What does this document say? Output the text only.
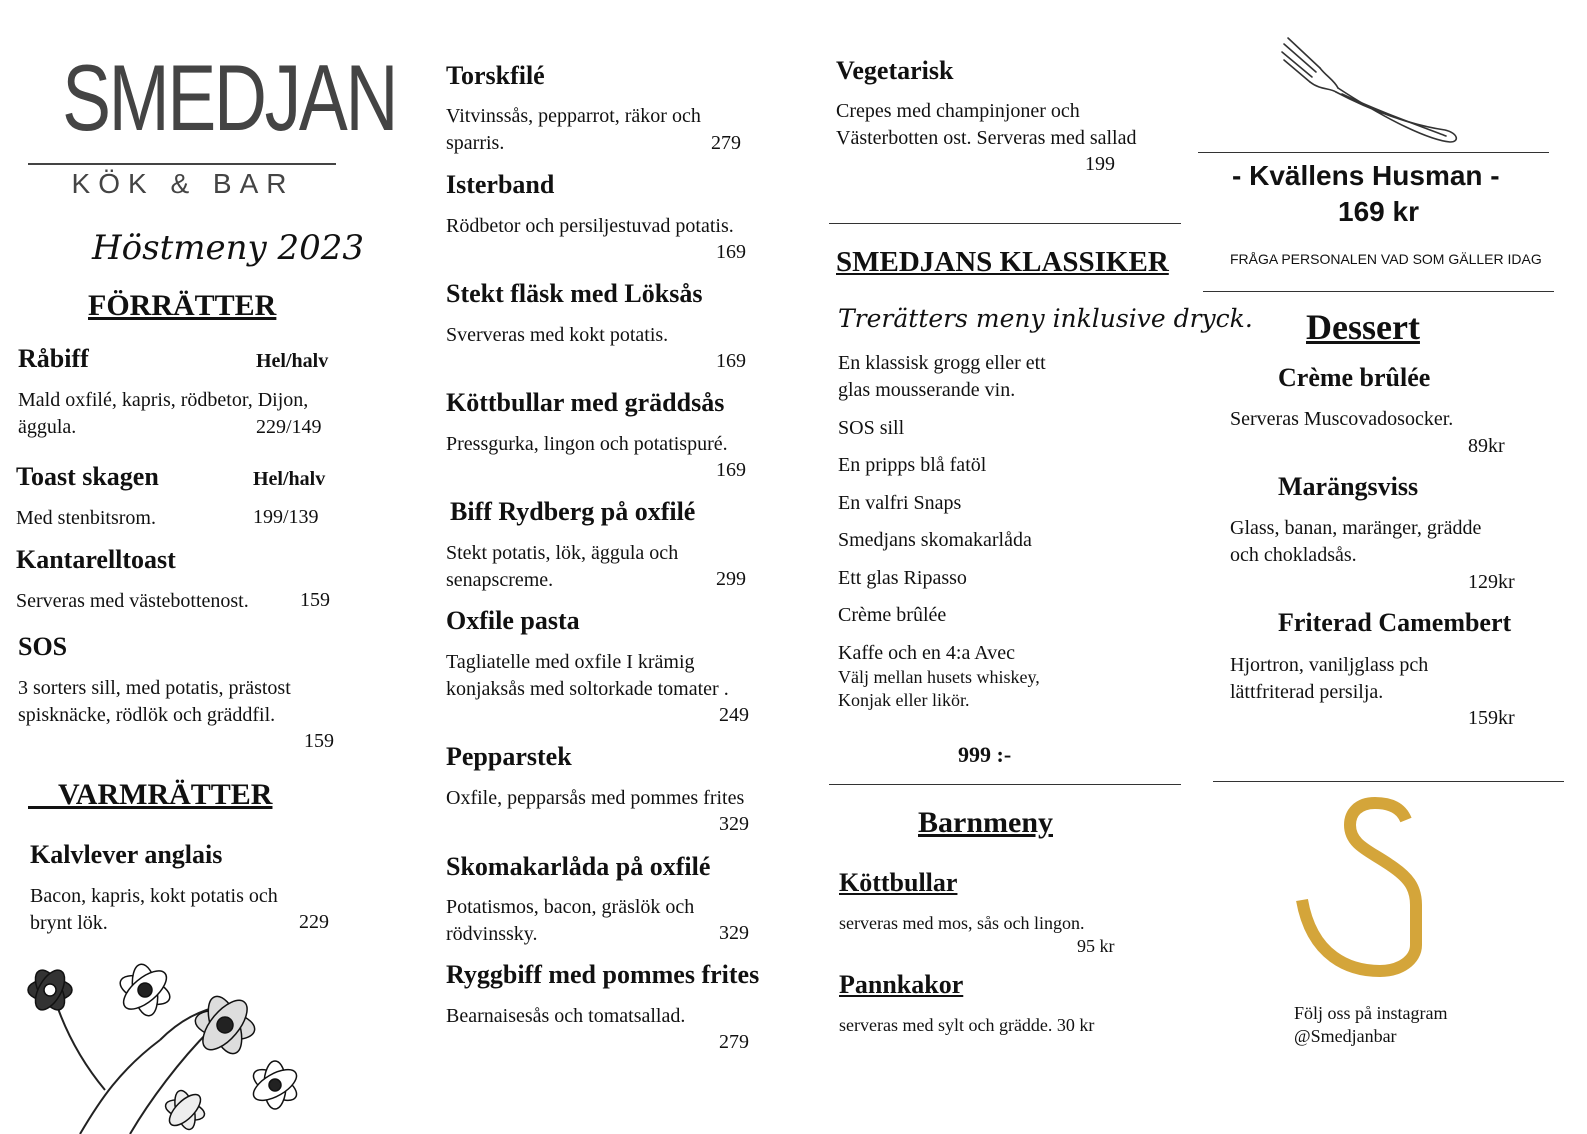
SMEDJAN
KÖK & BAR
Höstmeny 2023
FÖRRÄTTER
Råbiff	Hel/halv
Mald oxfilé, kapris, rödbetor, Dijon,
äggula.	229/149
Toast skagen	Hel/halv
Med stenbitsrom.	199/139
Kantarelltoast
Serveras med västebottenost.	159
SOS
3 sorters sill, med potatis, prästost
spisknäcke, rödlök och gräddfil.
159
VARMRÄTTER
Kalvlever anglais
Bacon, kapris, kokt potatis och
brynt lök.	229
Torskfilé
Vitvinssås, pepparrot, räkor och
sparris.	279
Isterband
Rödbetor och persiljestuvad potatis.
169
Stekt fläsk med Löksås
Sververas med kokt potatis.
169
Köttbullar med gräddsås
Pressgurka, lingon och potatispuré.
169
Biff Rydberg på oxfilé
Stekt potatis, lök, äggula och
senapscreme.	299
Oxfile pasta
Tagliatelle med oxfile I krämig
konjaksås med soltorkade tomater .
249
Pepparstek
Oxfile, pepparsås med pommes frites
329
Skomakarlåda på oxfilé
Potatismos, bacon, gräslök och
rödvinssky.	329
Ryggbiff med pommes frites
Bearnaisesås och tomatsallad.
279
Vegetarisk
Crepes med champinjoner och
Västerbotten ost. Serveras med sallad
199
SMEDJANS KLASSIKER
Trerätters meny inklusive dryck.
En klassisk grogg eller ett
glas mousserande vin.
SOS sill
En pripps blå fatöl
En valfri Snaps
Smedjans skomakarlåda
Ett glas Ripasso
Crème brûlée
Kaffe och en 4:a Avec
Välj mellan husets whiskey,
Konjak eller likör.
999 :-
Barnmeny
Köttbullar
serveras med mos, sås och lingon.
95 kr
Pannkakor
serveras med sylt och grädde. 30 kr
- Kvällens Husman -
169 kr
FRÅGA PERSONALEN VAD SOM GÄLLER IDAG
Dessert
Crème brûlée
Serveras Muscovadosocker.
89kr
Marängsviss
Glass, banan, maränger, grädde
och chokladsås.
129kr
Friterad Camembert
Hjortron, vaniljglass pch
lättfriterad persilja.
159kr
Följ oss på instagram
@Smedjanbar
